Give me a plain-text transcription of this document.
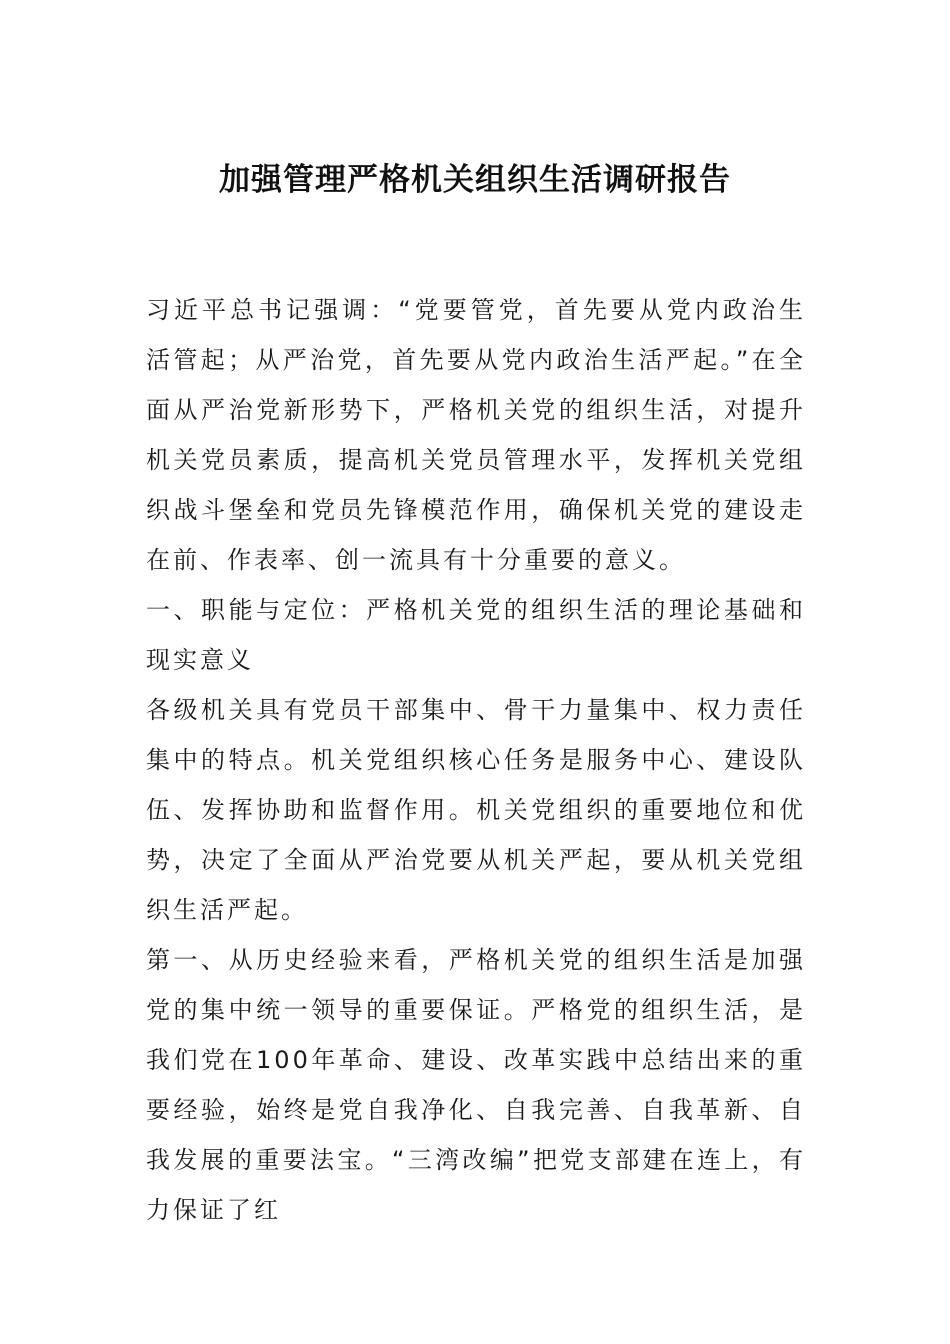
加强管理严格机关组织生活调研报告

习近平总书记强调：“党要管党，首先要从党内政治生活管起；从严治党，首先要从党内政治生活严起。”在全面从严治党新形势下，严格机关党的组织生活，对提升机关党员素质，提高机关党员管理水平，发挥机关党组织战斗堡垒和党员先锋模范作用，确保机关党的建设走在前、作表率、创一流具有十分重要的意义。

一、职能与定位：严格机关党的组织生活的理论基础和现实意义

各级机关具有党员干部集中、骨干力量集中、权力责任集中的特点。机关党组织核心任务是服务中心、建设队伍、发挥协助和监督作用。机关党组织的重要地位和优势，决定了全面从严治党要从机关严起，要从机关党组织生活严起。

第一、从历史经验来看，严格机关党的组织生活是加强党的集中统一领导的重要保证。严格党的组织生活，是我们党在100年革命、建设、改革实践中总结出来的重要经验，始终是党自我净化、自我完善、自我革新、自我发展的重要法宝。“三湾改编”把党支部建在连上，有力保证了红
